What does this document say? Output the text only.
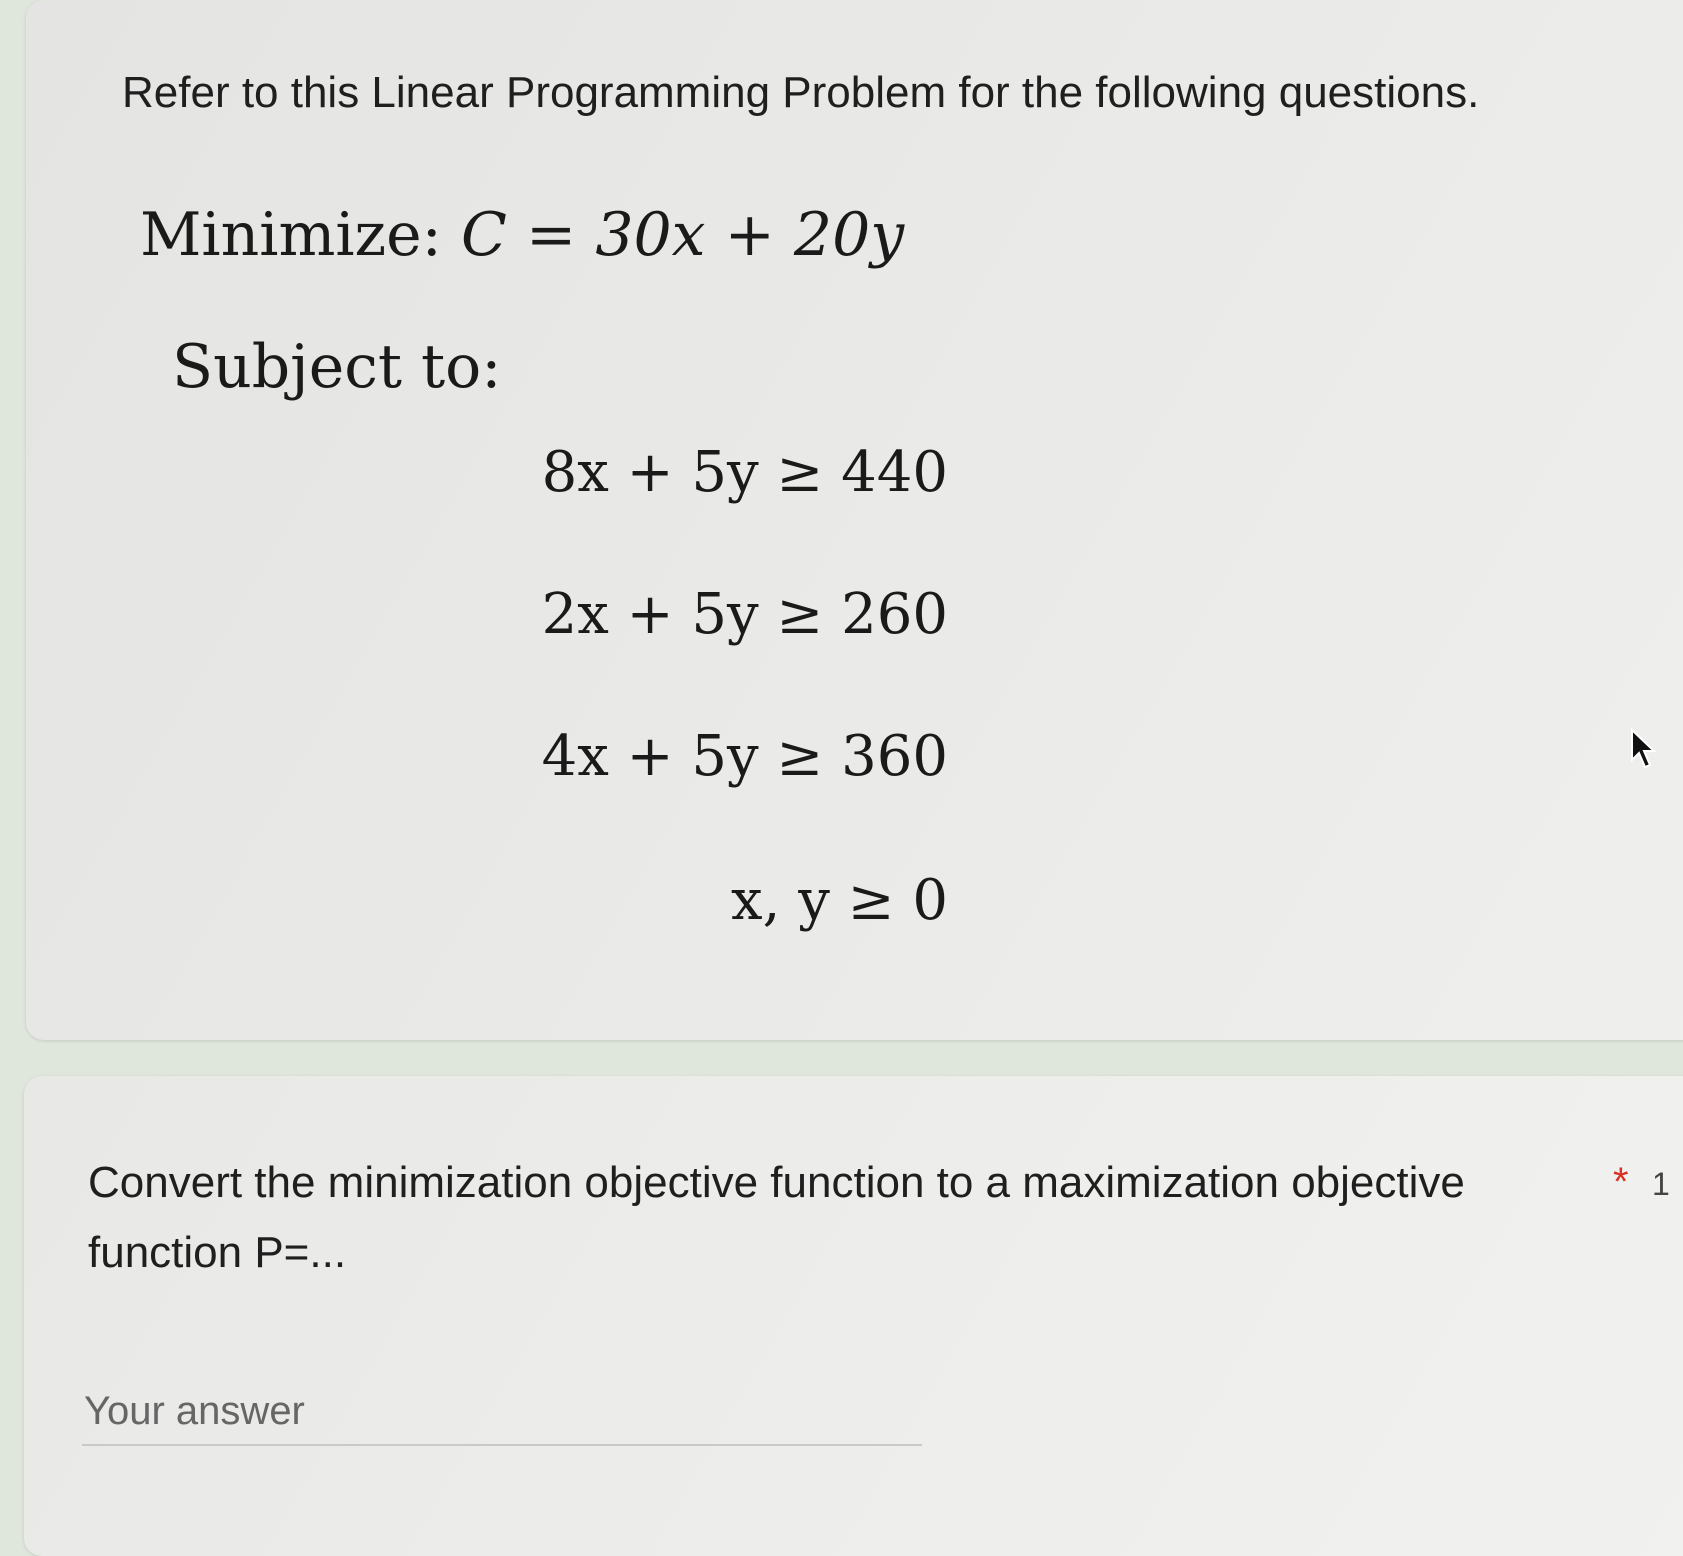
Refer to this Linear Programming Problem for the following questions.
Minimize: C = 30x + 20y
Subject to:
8x + 5y ≥ 440
2x + 5y ≥ 260
4x + 5y ≥ 360
x, y ≥ 0
Convert the minimization objective function to a maximization objective function P=...
* 1
Your answer
